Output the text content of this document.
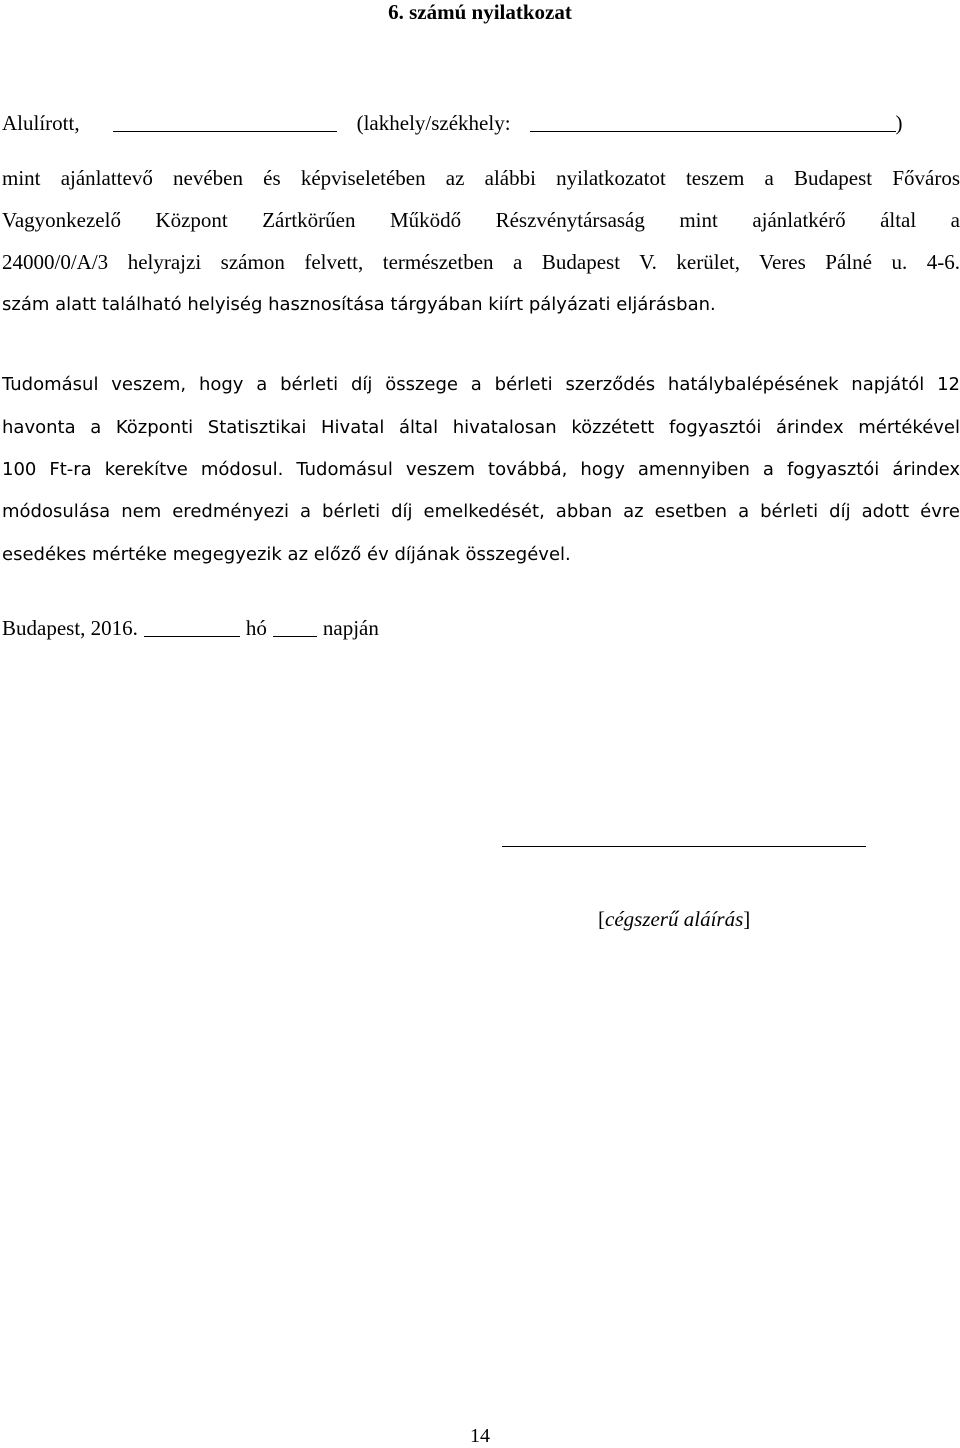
6. számú nyilatkozat
Alulírott,	(lakhely/székhely:	)
mint ajánlattevő nevében és képviseletében az alábbi nyilatkozatot teszem a Budapest Főváros
Vagyonkezelő Központ Zártkörűen Működő Részvénytársaság mint ajánlatkérő által a
24000/0/A/3 helyrajzi számon felvett, természetben a Budapest V. kerület, Veres Pálné u. 4-6.
szám alatt található helyiség hasznosítása tárgyában kiírt pályázati eljárásban.
Tudomásul veszem, hogy a bérleti díj összege a bérleti szerződés hatálybalépésének napjától 12
havonta a Központi Statisztikai Hivatal által hivatalosan közzétett fogyasztói árindex mértékével
100 Ft-ra kerekítve módosul. Tudomásul veszem továbbá, hogy amennyiben a fogyasztói árindex
módosulása nem eredményezi a bérleti díj emelkedését, abban az esetben a bérleti díj adott évre
esedékes mértéke megegyezik az előző év díjának összegével.
Budapest, 2016.	hó	napján
[cégszerű aláírás]
14
